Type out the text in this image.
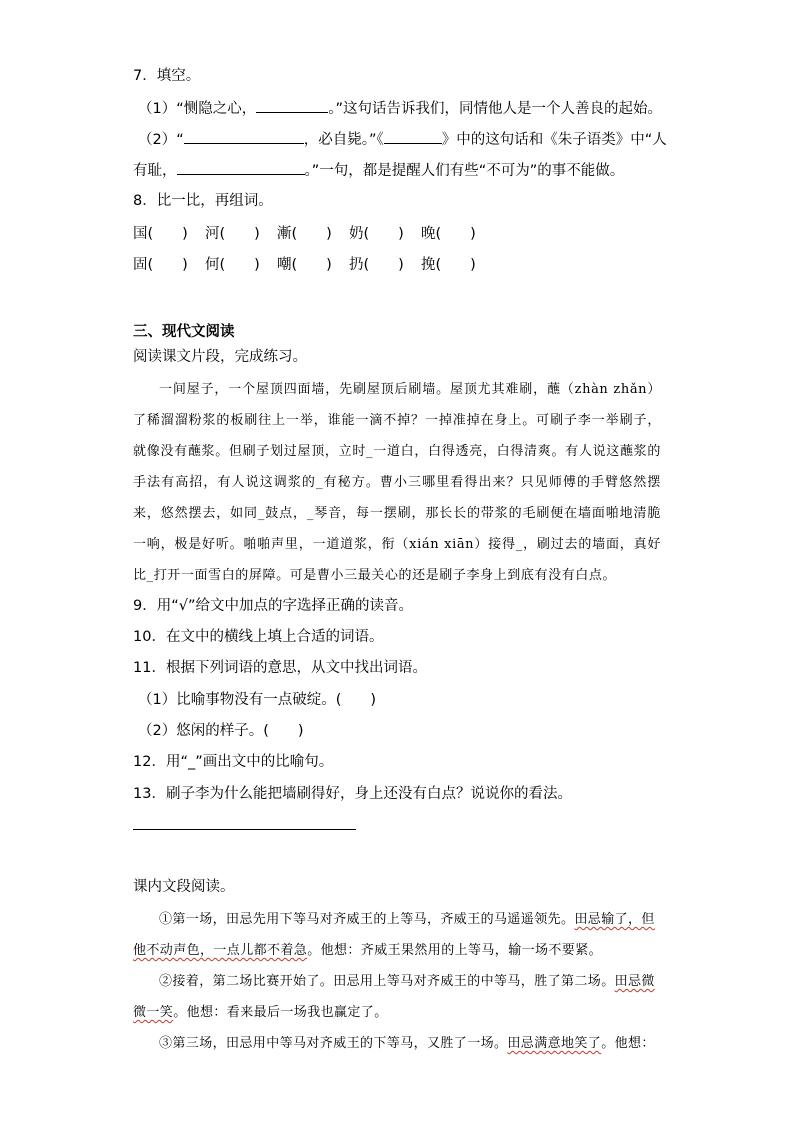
7．填空。
（1）“恻隐之心，	。”这句话告诉我们，同情他人是一个人善良的起始。
（2）“	，必自毙。”《	》中的这句话和《朱子语类》中“人
有耻，	。”一句，都是提醒人们有些“不可为”的事不能做。
8．比一比，再组词。
国(　　) 河(　　) 漸(　　) 奶(　　) 晚(　　)
固(　　) 何(　　) 嘲(　　) 扔(　　) 挽(　　)
三、现代文阅读
阅读课文片段，完成练习。

一间屋子，一个屋顶四面墙，先刷屋顶后刷墙。屋顶尤其难刷，蘸（zhàn zhǎn）了稀溜溜粉浆的板刷往上一举，谁能一滴不掉？一掉准掉在身上。可刷子李一举刷子，就像没有蘸浆。但刷子划过屋顶，立时_一道白，白得透亮，白得清爽。有人说这蘸浆的手法有高招，有人说这调浆的_有秘方。曹小三哪里看得出来？只见师傅的手臂悠然摆来，悠然摆去，如同_鼓点，_琴音，每一摆刷，那长长的带浆的毛刷便在墙面啪地清脆一响，极是好听。啪啪声里，一道道浆，衔（xián xiān）接得_，刷过去的墙面，真好比_打开一面雪白的屏障。可是曹小三最关心的还是刷子李身上到底有没有白点。

9．用“√”给文中加点的字选择正确的读音。
10．在文中的横线上填上合适的词语。
11．根据下列词语的意思，从文中找出词语。
（1）比喻事物没有一点破绽。(　　)
（2）悠闲的样子。(　　)
12．用“_”画出文中的比喻句。
13．刷子李为什么能把墙刷得好，身上还没有白点？说说你的看法。
课内文段阅读。

①第一场，田忌先用下等马对齐威王的上等马，齐威王的马遥遥领先。田忌输了，但他不动声色，一点儿都不着急。他想：齐威王果然用的上等马，输一场不要紧。

②接着，第二场比赛开始了。田忌用上等马对齐威王的中等马，胜了第二场。田忌微微一笑。他想：看来最后一场我也赢定了。

③第三场，田忌用中等马对齐威王的下等马，又胜了一场。田忌满意地笑了。他想：
